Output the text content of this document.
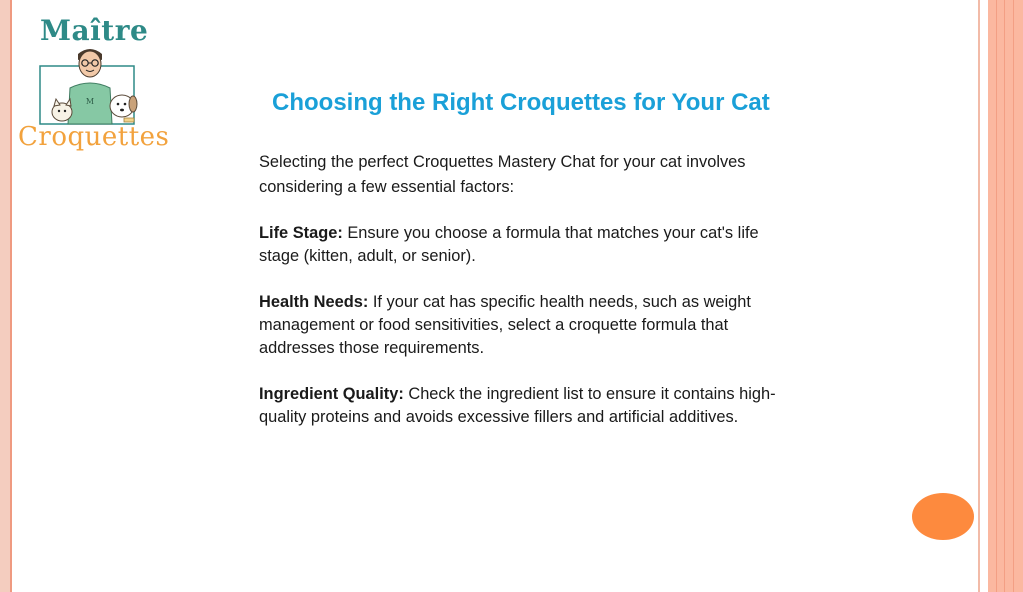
Maître
M
Croquettes
Choosing the Right Croquettes for Your Cat

Selecting the perfect Croquettes Mastery Chat for your cat involves considering a few essential factors:

Life Stage: Ensure you choose a formula that matches your cat's life stage (kitten, adult, or senior).

Health Needs: If your cat has specific health needs, such as weight management or food sensitivities, select a croquette formula that addresses those requirements.

Ingredient Quality: Check the ingredient list to ensure it contains high-quality proteins and avoids excessive fillers and artificial additives.
